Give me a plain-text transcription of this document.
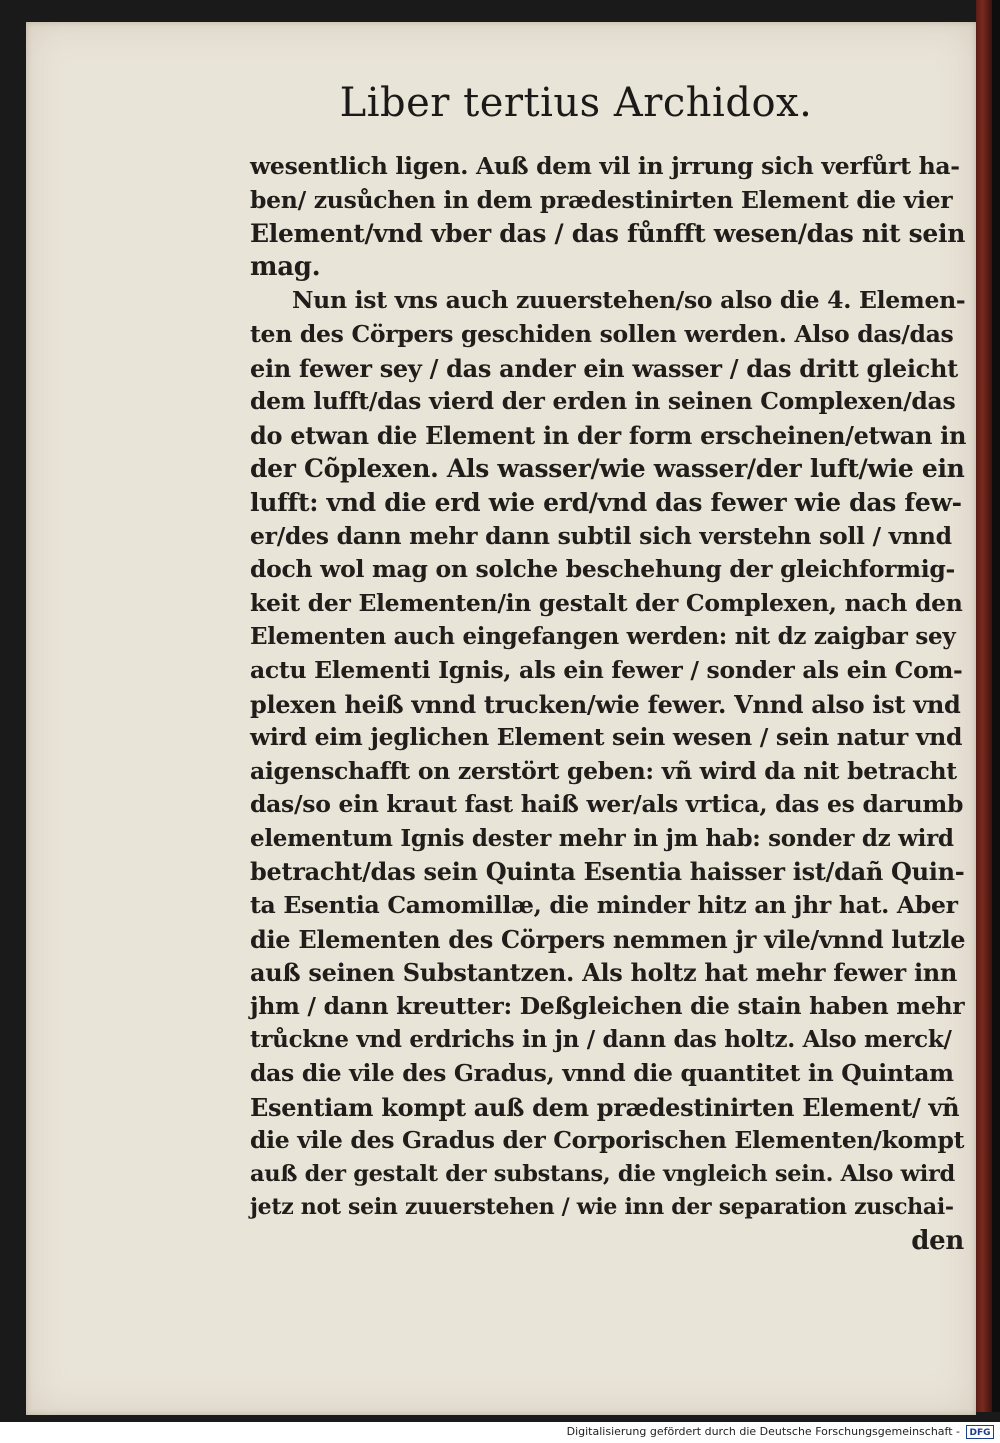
Liber tertius Archidox.
wesentlich ligen. Auß dem vil in jrrung sich verfůrt ha-
ben/ zusůchen in dem prædestinirten Element die vier
Element/vnd vber das / das fůnfft wesen/das nit sein
mag.
Nun ist vns auch zuuerstehen/so also die 4. Elemen-
ten des Cörpers geschiden sollen werden. Also das/das
ein fewer sey / das ander ein wasser / das dritt gleicht
dem lufft/das vierd der erden in seinen Complexen/das
do etwan die Element in der form erscheinen/etwan in
der Cõplexen. Als wasser/wie wasser/der luft/wie ein
lufft: vnd die erd wie erd/vnd das fewer wie das few-
er/des dann mehr dann subtil sich verstehn soll / vnnd
doch wol mag on solche beschehung der gleichformig-
keit der Elementen/in gestalt der Complexen, nach den
Elementen auch eingefangen werden: nit dz zaigbar sey
actu Elementi Ignis, als ein fewer / sonder als ein Com-
plexen heiß vnnd trucken/wie fewer. Vnnd also ist vnd
wird eim jeglichen Element sein wesen / sein natur vnd
aigenschafft on zerstört geben: vñ wird da nit betracht
das/so ein kraut fast haiß wer/als vrtica, das es darumb
elementum Ignis dester mehr in jm hab: sonder dz wird
betracht/das sein Quinta Esentia haisser ist/dañ Quin-
ta Esentia Camomillæ, die minder hitz an jhr hat. Aber
die Elementen des Cörpers nemmen jr vile/vnnd lutzle
auß seinen Substantzen. Als holtz hat mehr fewer inn
jhm / dann kreutter: Deßgleichen die stain haben mehr
trůckne vnd erdrichs in jn / dann das holtz. Also merck/
das die vile des Gradus, vnnd die quantitet in Quintam
Esentiam kompt auß dem prædestinirten Element/ vñ
die vile des Gradus der Corporischen Elementen/kompt
auß der gestalt der substans, die vngleich sein. Also wird
jetz not sein zuuerstehen / wie inn der separation zuschai-
den
Digitalisierung gefördert durch die Deutsche Forschungsgemeinschaft -	DFG
